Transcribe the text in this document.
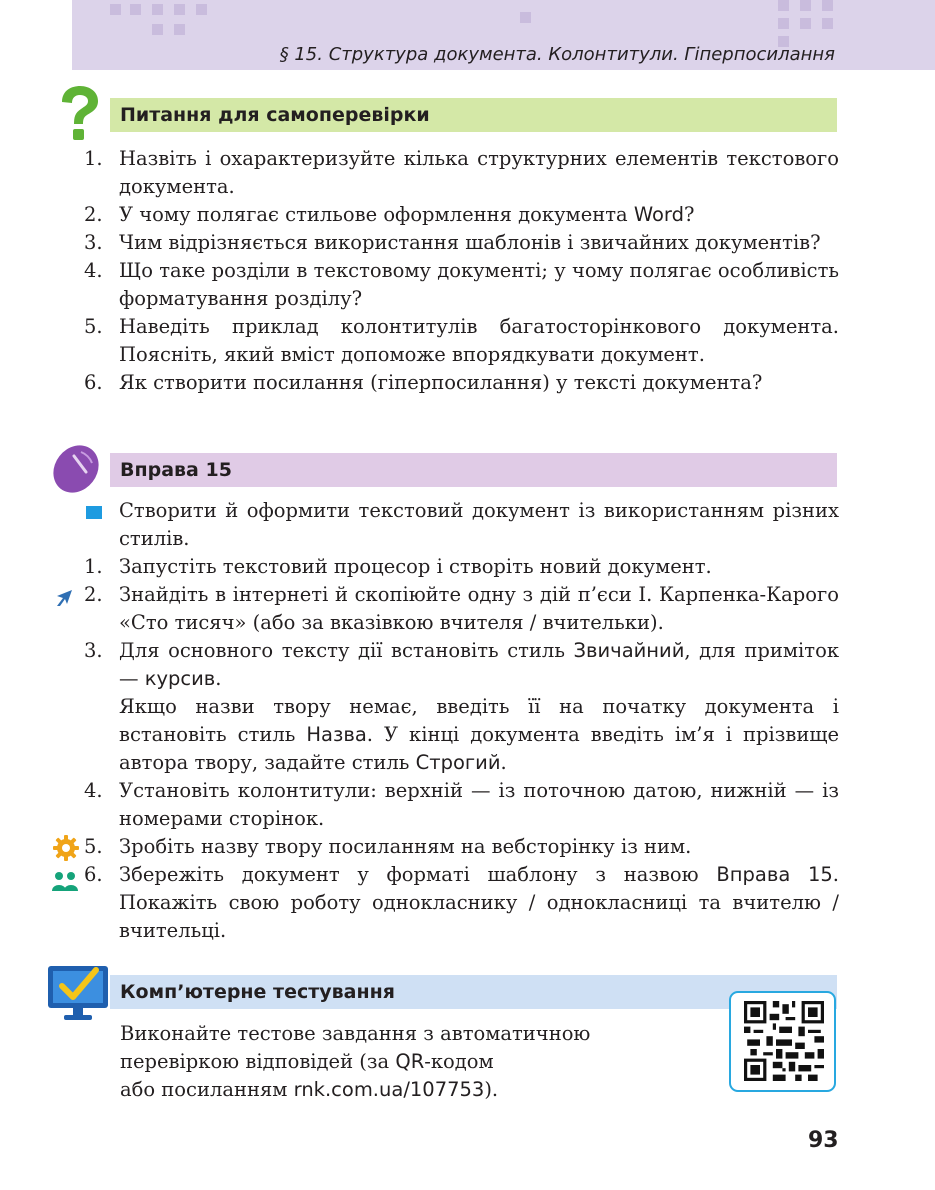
§ 15. Структура документа. Колонтитули. Гіперпосилання
Питання для самоперевірки
1. Назвіть і охарактеризуйте кілька структурних елементів текстового документа.
2. У чому полягає стильове оформлення документа Word?
3. Чим відрізняється використання шаблонів і звичайних документів?
4. Що таке розділи в текстовому документі; у чому полягає особливість форматування розділу?
5. Наведіть приклад колонтитулів багатосторінкового документа. Поясніть, який вміст допоможе впорядкувати документ.
6. Як створити посилання (гіперпосилання) у тексті документа?
Вправа 15
Створити й оформити текстовий документ із використанням різних стилів.
1. Запустіть текстовий процесор і створіть новий документ.
2. Знайдіть в інтернеті й скопіюйте одну з дій п’єси І. Карпенка-Карого «Сто тисяч» (або за вказівкою вчителя / вчительки).
3. Для основного тексту дії встановіть стиль Звичайний, для приміток — курсив.
Якщо назви твору немає, введіть її на початку документа і встановіть стиль Назва. У кінці документа введіть ім’я і прізвище автора твору, задайте стиль Строгий.
4. Установіть колонтитули: верхній — із поточною датою, нижній — із номерами сторінок.
5. Зробіть назву твору посиланням на вебсторінку із ним.
6. Збережіть документ у форматі шаблону з назвою Вправа 15. Покажіть свою роботу однокласнику / однокласниці та вчителю / вчительці.
Комп’ютерне тестування
Виконайте тестове завдання з автоматичною
перевіркою відповідей (за QR-кодом
або посиланням rnk.com.ua/107753).
93
